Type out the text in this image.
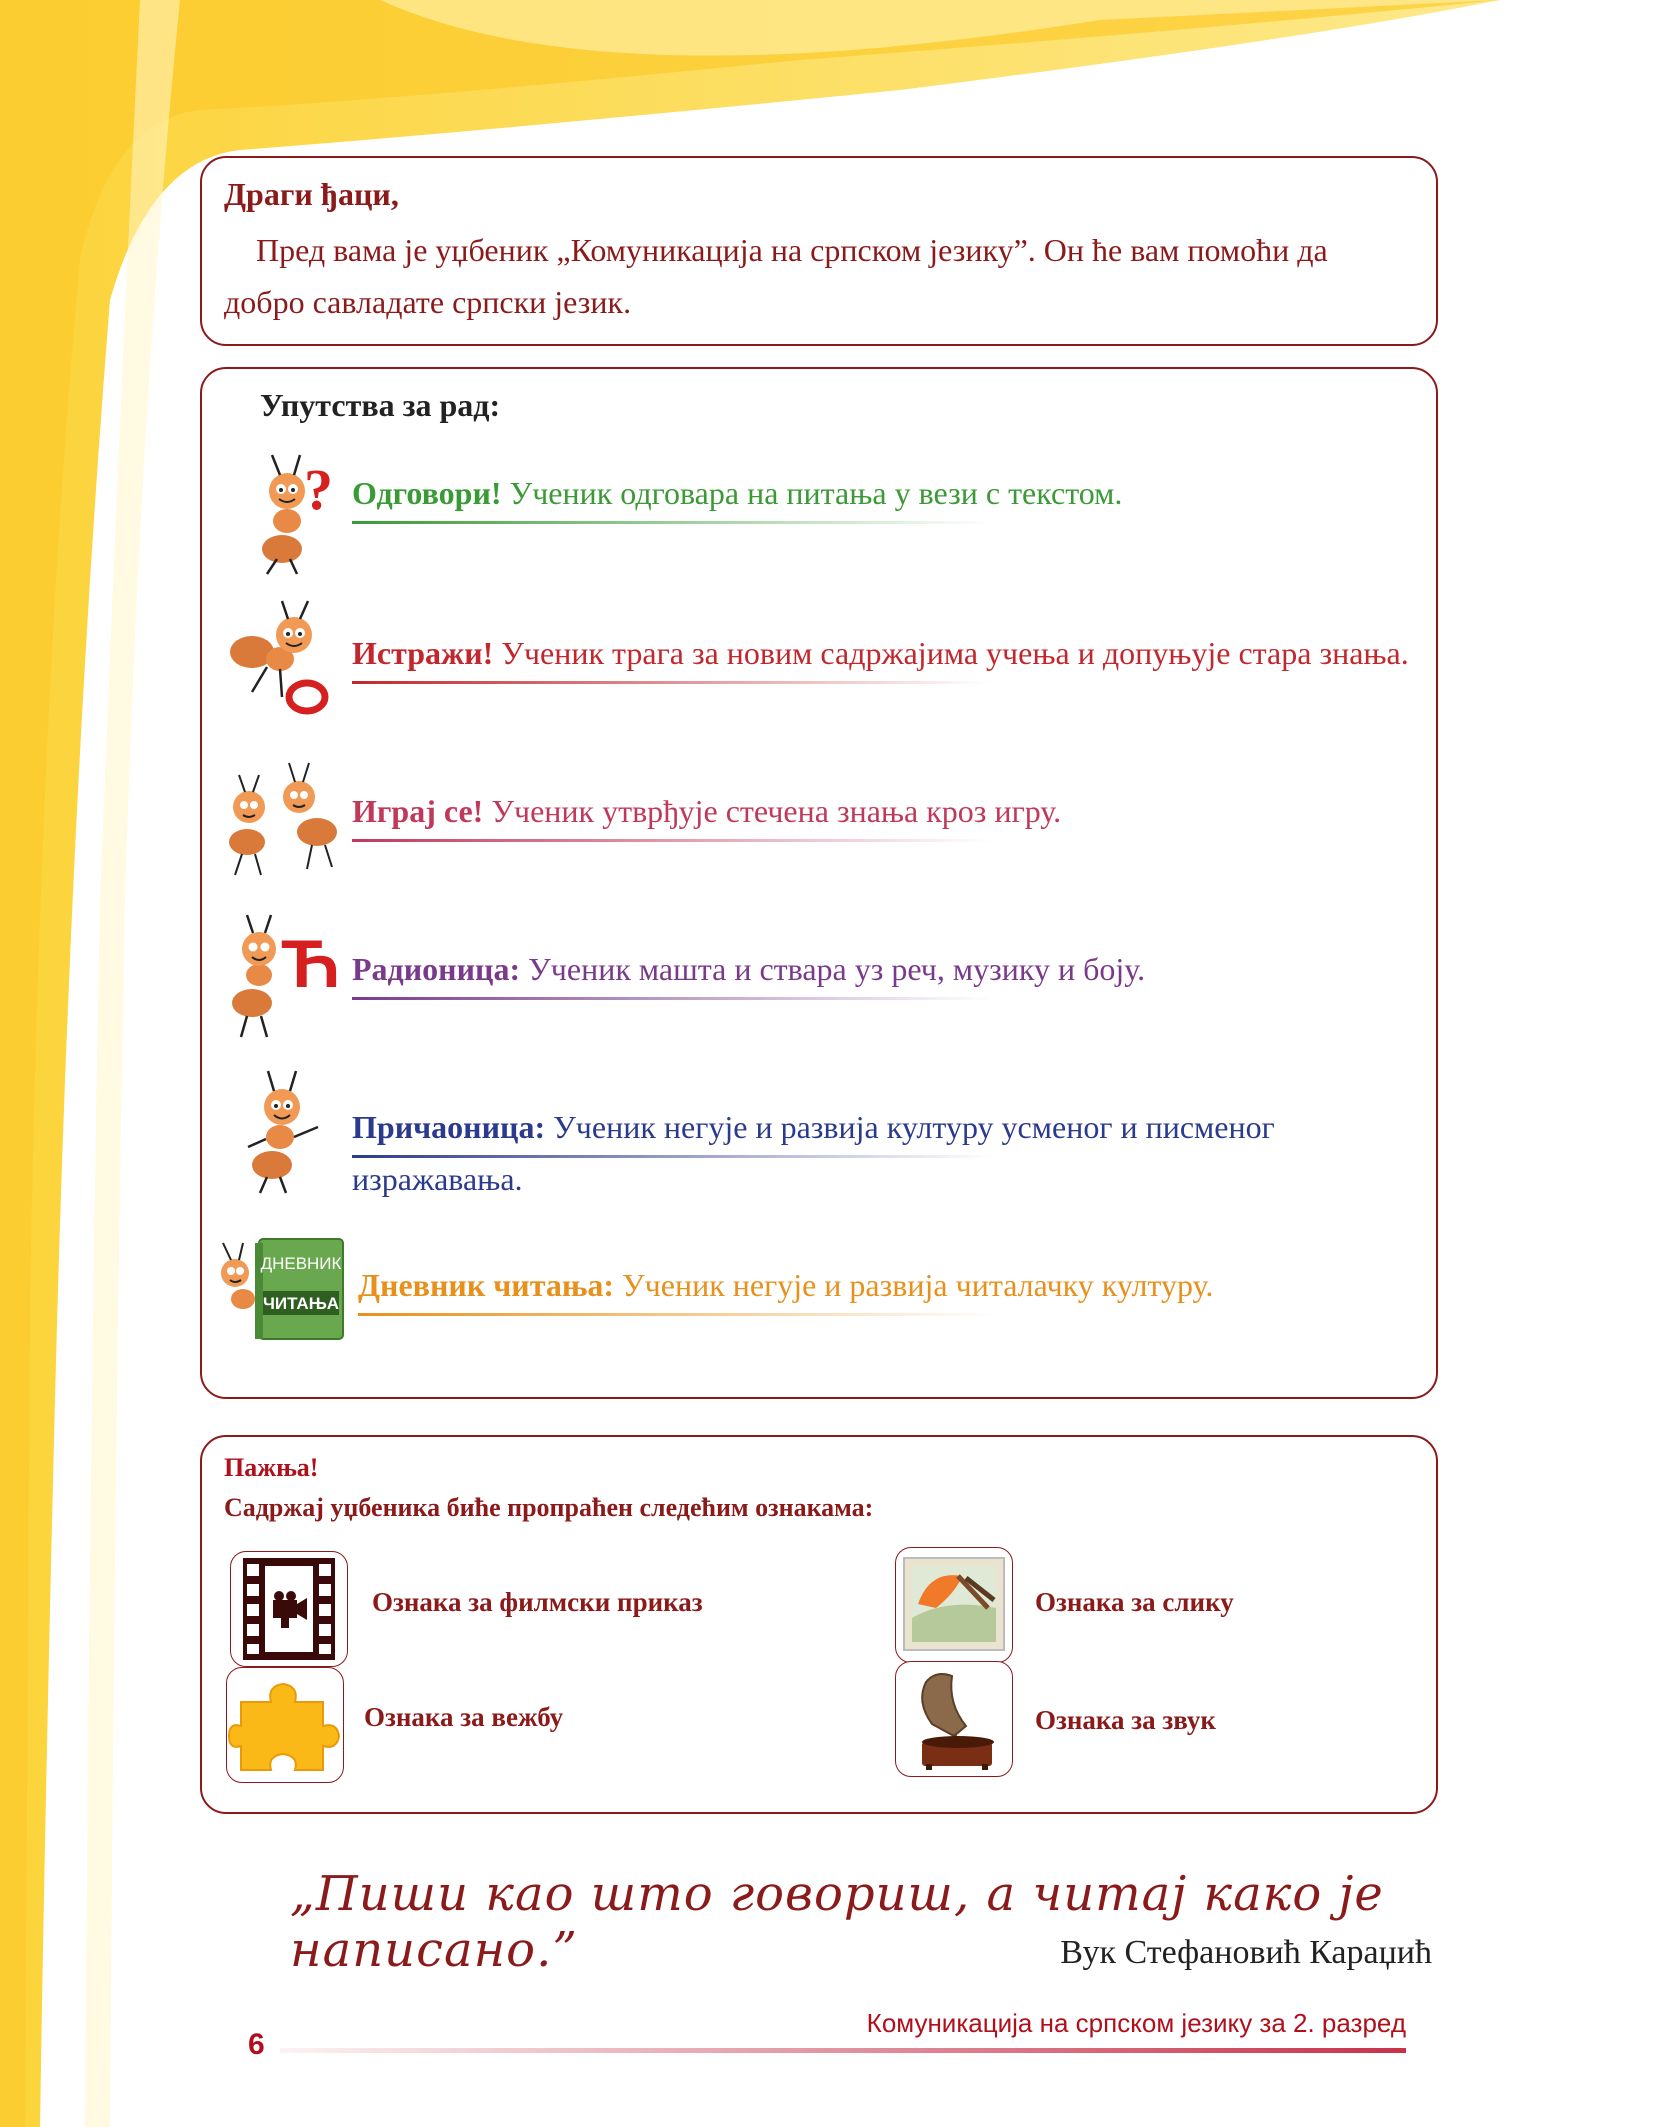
Драги ђаци,
Пред вама је уџбеник „Комуникација на српском језику”. Он ће вам помоћи да добро савладате српски језик.
Упутства за рад:
? Одговори! Ученик одговара на питања у вези с текстом.
Истражи! Ученик трага за новим садржајима учења и допуњује стара знања.
Играј се! Ученик утврђује стечена знања кроз игру.
Ћ Радионица: Ученик машта и ствара уз реч, музику и боју.
Причаоница: Ученик негује и развија културу усменог и писменог изражавања.
ДНЕВНИК
ЧИТАЊА
Дневник читања: Ученик негује и развија читалачку културу.
Пажња!
Садржај уџбеника биће пропраћен следећим ознакама:
Ознака за филмски приказ	Ознака за слику
Ознака за вежбу	Ознака за звук
„Пиши као што говориш, а читај како је написано.”	Вук Стефановић Караџић
Комуникација на српском језику за 2. разред
6
